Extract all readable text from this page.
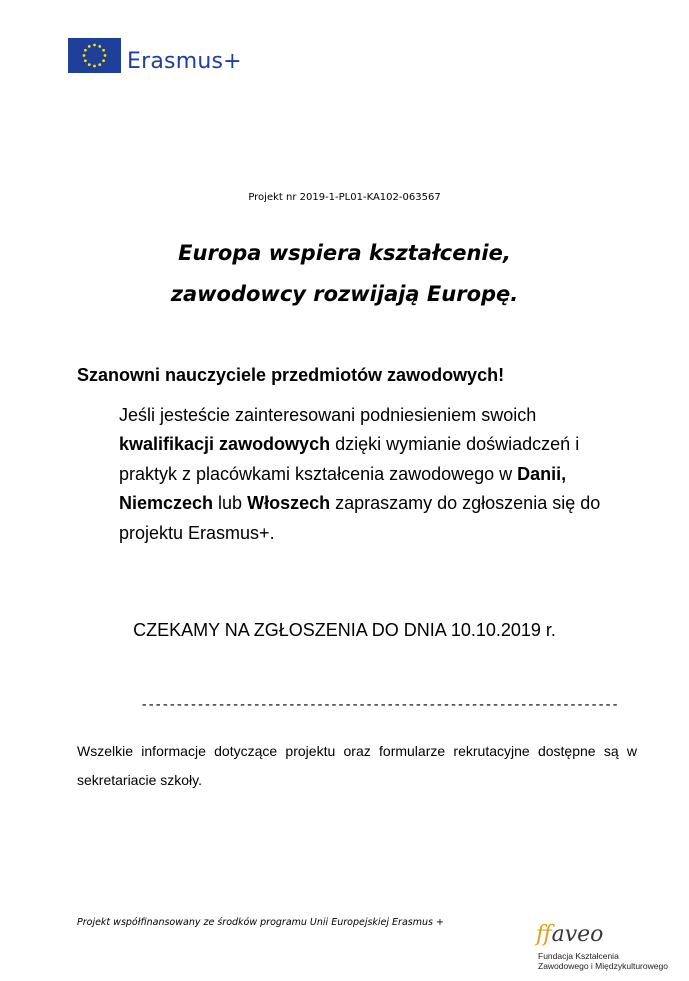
Erasmus+
Projekt nr 2019-1-PL01-KA102-063567
Europa wspiera kształcenie,
zawodowcy rozwijają Europę.
Szanowni nauczyciele przedmiotów zawodowych!
Jeśli jesteście zainteresowani podniesieniem swoich
kwalifikacji zawodowych dzięki wymianie doświadczeń i praktyk z placówkami kształcenia zawodowego w Danii, Niemczech lub Włoszech zapraszamy do zgłoszenia się do projektu Erasmus+.
CZEKAMY NA ZGŁOSZENIA DO DNIA 10.10.2019 r.
--------------------------------------------------------------------
Wszelkie informacje dotyczące projektu oraz formularze rekrutacyjne dostępne są w sekretariacie szkoły.
Projekt współfinansowany ze środków programu Unii Europejskiej Erasmus +	ffaveo
Fundacja Kształcenia
Zawodowego i Międzykulturowego
